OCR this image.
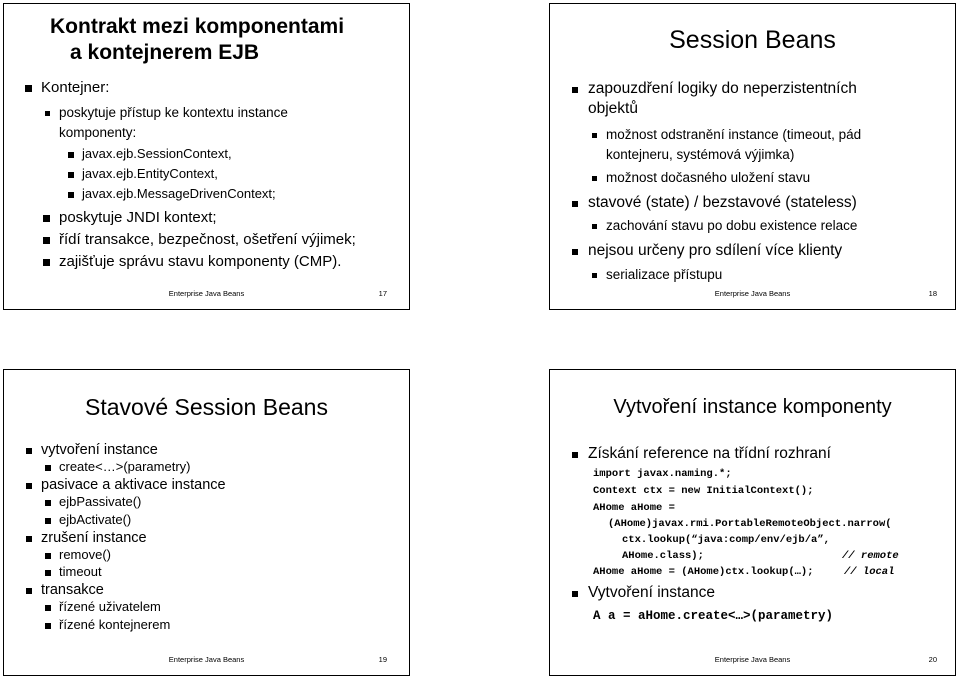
Kontrakt mezi komponentami
a kontejnerem EJB
Kontejner:
poskytuje přístup ke kontextu instance
komponenty:
javax.ejb.SessionContext,
javax.ejb.EntityContext,
javax.ejb.MessageDrivenContext;
poskytuje JNDI kontext;
řídí transakce, bezpečnost, ošetření výjimek;
zajišťuje správu stavu komponenty (CMP).
Enterprise Java Beans	17
Session Beans
zapouzdření logiky do neperzistentních
objektů
možnost odstranění instance (timeout, pád
kontejneru, systémová výjimka)
možnost dočasného uložení stavu
stavové (state) / bezstavové (stateless)
zachování stavu po dobu existence relace
nejsou určeny pro sdílení více klienty
serializace přístupu
Enterprise Java Beans	18
Stavové Session Beans
vytvoření instance
create<…>(parametry)
pasivace a aktivace instance
ejbPassivate()
ejbActivate()
zrušení instance
remove()
timeout
transakce
řízené uživatelem
řízené kontejnerem
Enterprise Java Beans	19
Vytvoření instance komponenty
Získání reference na třídní rozhraní
import javax.naming.*;
Context ctx = new InitialContext();
AHome aHome =
(AHome)javax.rmi.PortableRemoteObject.narrow(
ctx.lookup(“java:comp/env/ejb/a”,
AHome.class);	// remote
AHome aHome = (AHome)ctx.lookup(…);	// local
Vytvoření instance
A a = aHome.create<…>(parametry)
Enterprise Java Beans	20
